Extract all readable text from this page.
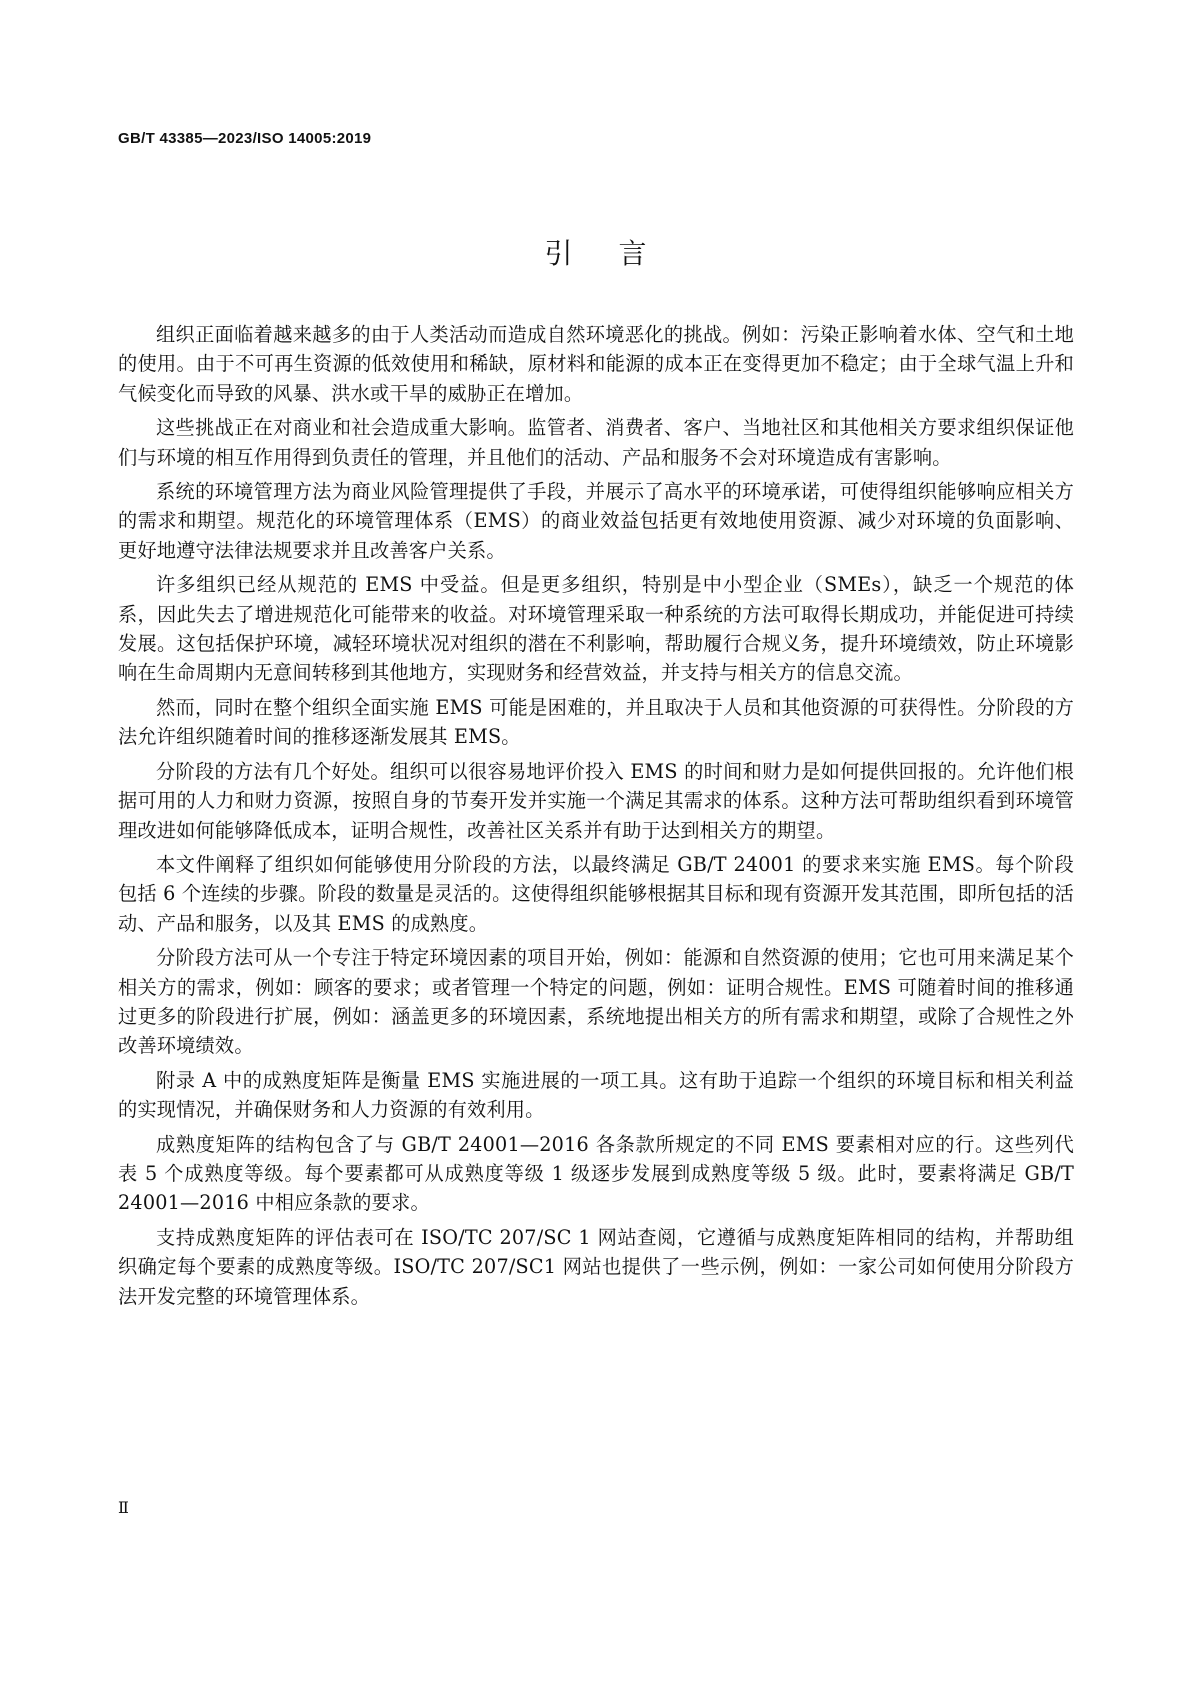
GB/T 43385—2023/ISO 14005:2019
引言

组织正面临着越来越多的由于人类活动而造成自然环境恶化的挑战。例如：污染正影响着水体、空气和土地的使用。由于不可再生资源的低效使用和稀缺，原材料和能源的成本正在变得更加不稳定；由于全球气温上升和气候变化而导致的风暴、洪水或干旱的威胁正在增加。

这些挑战正在对商业和社会造成重大影响。监管者、消费者、客户、当地社区和其他相关方要求组织保证他们与环境的相互作用得到负责任的管理，并且他们的活动、产品和服务不会对环境造成有害影响。

系统的环境管理方法为商业风险管理提供了手段，并展示了高水平的环境承诺，可使得组织能够响应相关方的需求和期望。规范化的环境管理体系（EMS）的商业效益包括更有效地使用资源、减少对环境的负面影响、更好地遵守法律法规要求并且改善客户关系。

许多组织已经从规范的 EMS 中受益。但是更多组织，特别是中小型企业（SMEs），缺乏一个规范的体系，因此失去了增进规范化可能带来的收益。对环境管理采取一种系统的方法可取得长期成功，并能促进可持续发展。这包括保护环境，减轻环境状况对组织的潜在不利影响，帮助履行合规义务，提升环境绩效，防止环境影响在生命周期内无意间转移到其他地方，实现财务和经营效益，并支持与相关方的信息交流。

然而，同时在整个组织全面实施 EMS 可能是困难的，并且取决于人员和其他资源的可获得性。分阶段的方法允许组织随着时间的推移逐渐发展其 EMS。

分阶段的方法有几个好处。组织可以很容易地评价投入 EMS 的时间和财力是如何提供回报的。允许他们根据可用的人力和财力资源，按照自身的节奏开发并实施一个满足其需求的体系。这种方法可帮助组织看到环境管理改进如何能够降低成本，证明合规性，改善社区关系并有助于达到相关方的期望。

本文件阐释了组织如何能够使用分阶段的方法，以最终满足 GB/T 24001 的要求来实施 EMS。每个阶段包括 6 个连续的步骤。阶段的数量是灵活的。这使得组织能够根据其目标和现有资源开发其范围，即所包括的活动、产品和服务，以及其 EMS 的成熟度。

分阶段方法可从一个专注于特定环境因素的项目开始，例如：能源和自然资源的使用；它也可用来满足某个相关方的需求，例如：顾客的要求；或者管理一个特定的问题，例如：证明合规性。EMS 可随着时间的推移通过更多的阶段进行扩展，例如：涵盖更多的环境因素，系统地提出相关方的所有需求和期望，或除了合规性之外改善环境绩效。

附录 A 中的成熟度矩阵是衡量 EMS 实施进展的一项工具。这有助于追踪一个组织的环境目标和相关利益的实现情况，并确保财务和人力资源的有效利用。

成熟度矩阵的结构包含了与 GB/T 24001—2016 各条款所规定的不同 EMS 要素相对应的行。这些列代表 5 个成熟度等级。每个要素都可从成熟度等级 1 级逐步发展到成熟度等级 5 级。此时，要素将满足 GB/T 24001—2016 中相应条款的要求。

支持成熟度矩阵的评估表可在 ISO/TC 207/SC 1 网站查阅，它遵循与成熟度矩阵相同的结构，并帮助组织确定每个要素的成熟度等级。ISO/TC 207/SC1 网站也提供了一些示例，例如：一家公司如何使用分阶段方法开发完整的环境管理体系。

Ⅱ
